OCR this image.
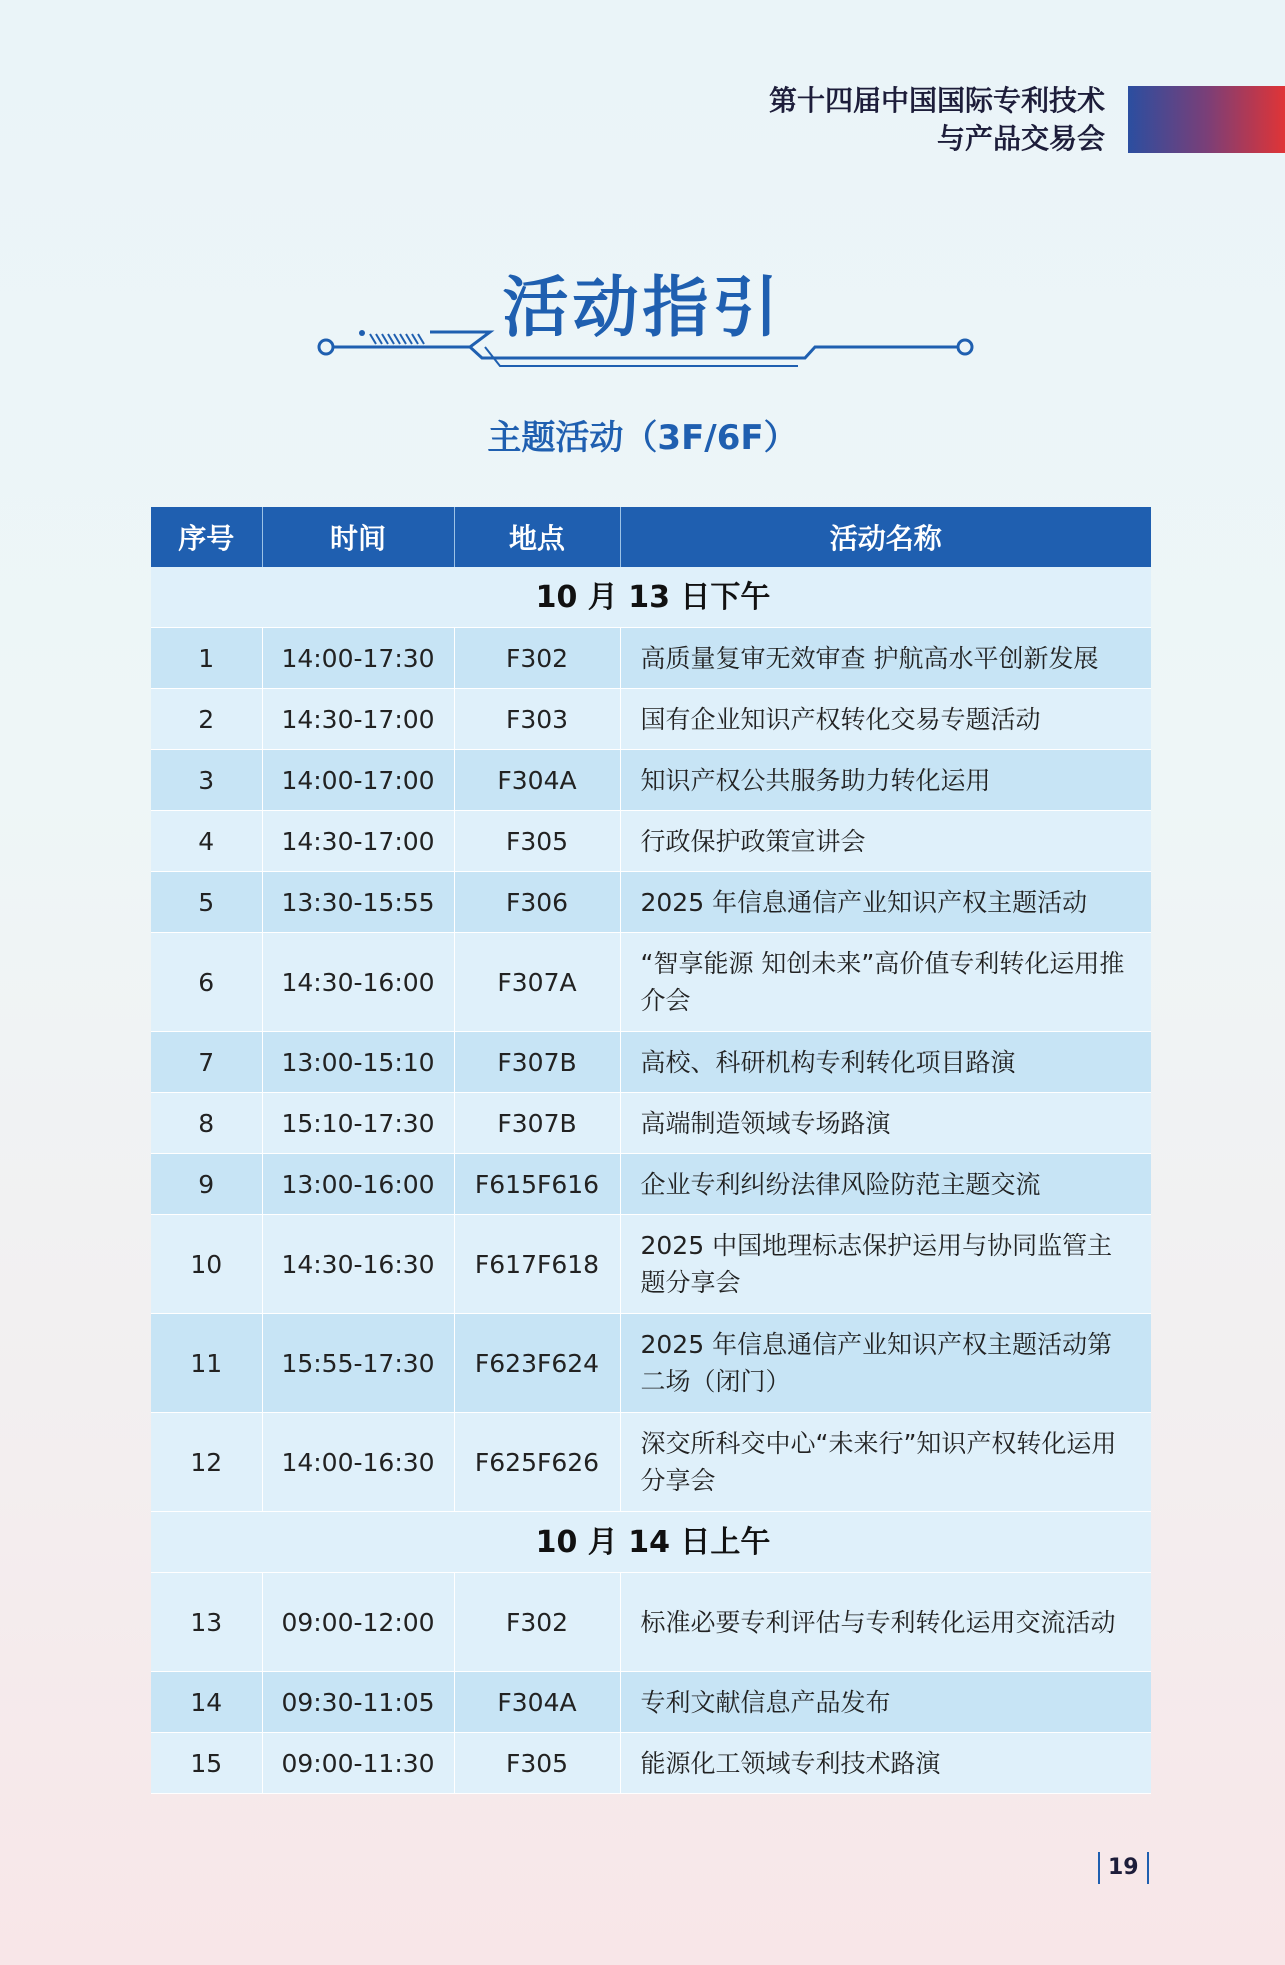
第十四届中国国际专利技术
与产品交易会
活动指引
主题活动（3F/6F）
序号	时间	地点	活动名称
10 月 13 日下午			
1	14:00-17:30	F302	高质量复审无效审查 护航高水平创新发展
2	14:30-17:00	F303	国有企业知识产权转化交易专题活动
3	14:00-17:00	F304A	知识产权公共服务助力转化运用
4	14:30-17:00	F305	行政保护政策宣讲会
5	13:30-15:55	F306	2025 年信息通信产业知识产权主题活动
6	14:30-16:00	F307A	“智享能源 知创未来”高价值专利转化运用推介会
7	13:00-15:10	F307B	高校、科研机构专利转化项目路演
8	15:10-17:30	F307B	高端制造领域专场路演
9	13:00-16:00	F615F616	企业专利纠纷法律风险防范主题交流
10	14:30-16:30	F617F618	2025 中国地理标志保护运用与协同监管主题分享会
11	15:55-17:30	F623F624	2025 年信息通信产业知识产权主题活动第二场（闭门）
12	14:00-16:30	F625F626	深交所科交中心“未来行”知识产权转化运用分享会
10 月 14 日上午			
13	09:00-12:00	F302	标准必要专利评估与专利转化运用交流活动
14	09:30-11:05	F304A	专利文献信息产品发布
15	09:00-11:30	F305	能源化工领域专利技术路演
19
